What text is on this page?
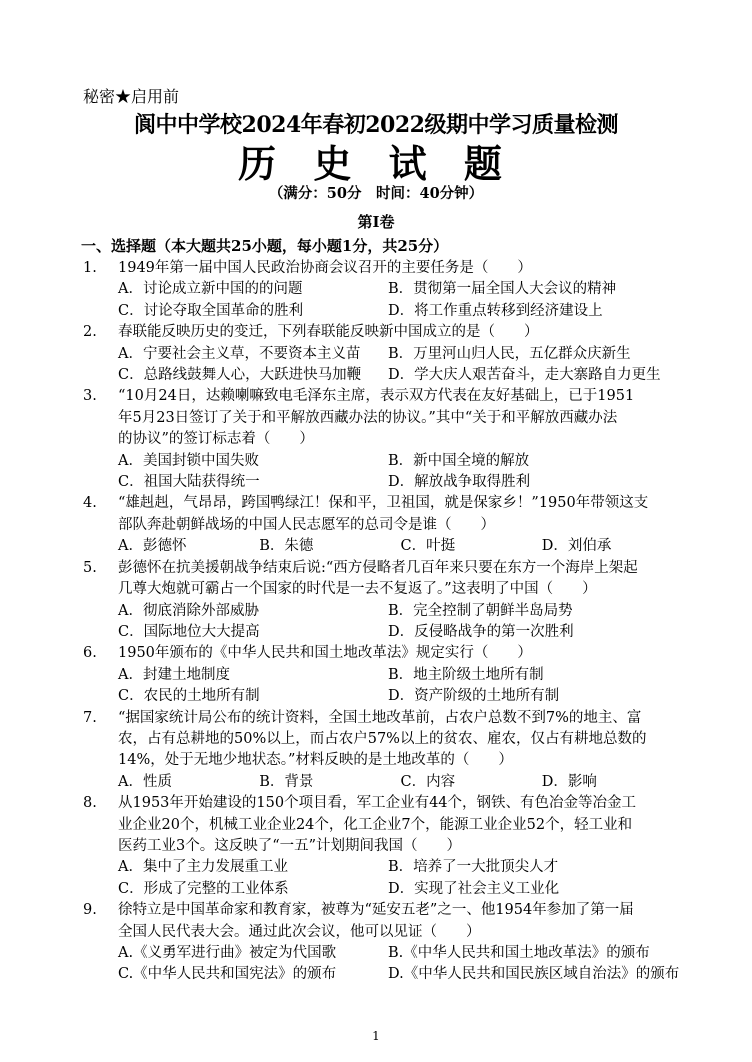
秘密★启用前
阆中中学校2024年春初2022级期中学习质量检测
历 史 试 题
（满分：50分　时间：40分钟）
第Ⅰ卷
一、选择题（本大题共25小题，每小题1分，共25分）
1. 1949年第一届中国人民政治协商会议召开的主要任务是（　　）
A．讨论成立新中国的的问题	B．贯彻第一届全国人大会议的精神
C．讨论夺取全国革命的胜利	D．将工作重点转移到经济建设上
2. 春联能反映历史的变迁，下列春联能反映新中国成立的是（　　）
A．宁要社会主义草，不要资本主义苗	B．万里河山归人民，五亿群众庆新生
C．总路线鼓舞人心，大跃进快马加鞭	D．学大庆人艰苦奋斗，走大寨路自力更生
3. “10月24日，达赖喇嘛致电毛泽东主席，表示双方代表在友好基础上，已于1951
年5月23日签订了关于和平解放西藏办法的协议。”其中“关于和平解放西藏办法
的协议”的签订标志着（　　）
A．美国封锁中国失败	B．新中国全境的解放
C．祖国大陆获得统一	D．解放战争取得胜利
4. “雄赳赳，气昂昂，跨国鸭绿江！保和平，卫祖国，就是保家乡！”1950年带领这支
部队奔赴朝鲜战场的中国人民志愿军的总司令是谁（　　）
A．彭德怀	B．朱德	C．叶挺	D．刘伯承
5. 彭德怀在抗美援朝战争结束后说:“西方侵略者几百年来只要在东方一个海岸上架起
几尊大炮就可霸占一个国家的时代是一去不复返了。”这表明了中国（　　）
A．彻底消除外部威胁	B．完全控制了朝鲜半岛局势
C．国际地位大大提高	D．反侵略战争的第一次胜利
6. 1950年颁布的《中华人民共和国土地改革法》规定实行（　　）
A．封建土地制度	B．地主阶级土地所有制
C．农民的土地所有制	D．资产阶级的土地所有制
7. “据国家统计局公布的统计资料，全国土地改革前，占农户总数不到7%的地主、富
农，占有总耕地的50%以上，而占农户57%以上的贫农、雇农，仅占有耕地总数的
14%，处于无地少地状态。”材料反映的是土地改革的（　　）
A．性质	B．背景	C．内容	D．影响
8. 从1953年开始建设的150个项目看，军工企业有44个，钢铁、有色冶金等冶金工
业企业20个，机械工业企业24个，化工企业7个，能源工业企业52个，轻工业和
医药工业3个。这反映了“一五”计划期间我国（　　）
A．集中了主力发展重工业	B．培养了一大批顶尖人才
C．形成了完整的工业体系	D．实现了社会主义工业化
9. 徐特立是中国革命家和教育家，被尊为“延安五老”之一、他1954年参加了第一届
全国人民代表大会。通过此次会议，他可以见证（　　）
A.《义勇军进行曲》被定为代国歌	B.《中华人民共和国土地改革法》的颁布
C.《中华人民共和国宪法》的颁布	D.《中华人民共和国民族区域自治法》的颁布
1
